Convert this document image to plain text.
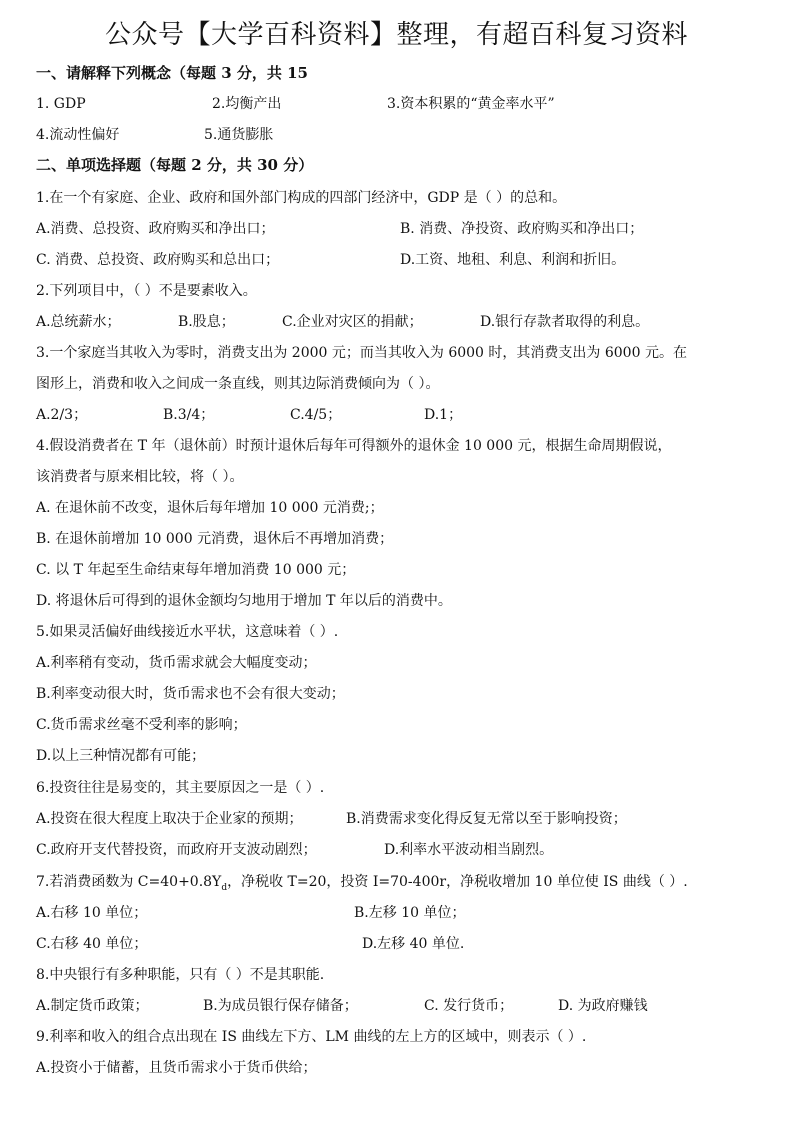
公众号【大学百科资料】整理，有超百科复习资料
一、请解释下列概念（每题 3 分，共 15
1. GDP	2.均衡产出	3.资本积累的“黄金率水平”
4.流动性偏好	5.通货膨胀
二、单项选择题（每题 2 分，共 30 分）
1.在一个有家庭、企业、政府和国外部门构成的四部门经济中，GDP 是（ ）的总和。
A.消费、总投资、政府购买和净出口；	B. 消费、净投资、政府购买和净出口；
C. 消费、总投资、政府购买和总出口；	D.工资、地租、利息、利润和折旧。
2.下列项目中，（ ）不是要素收入。
A.总统薪水；	B.股息；	C.企业对灾区的捐献；	D.银行存款者取得的利息。
3.一个家庭当其收入为零时，消费支出为 2000 元；而当其收入为 6000 时，其消费支出为 6000 元。在
图形上，消费和收入之间成一条直线，则其边际消费倾向为（ ）。
A.2/3；	B.3/4；	C.4/5；	D.1；
4.假设消费者在 T 年（退休前）时预计退休后每年可得额外的退休金 10 000 元，根据生命周期假说，
该消费者与原来相比较，将（ ）。
A. 在退休前不改变，退休后每年增加 10 000 元消费;；
B. 在退休前增加 10 000 元消费，退休后不再增加消费；
C. 以 T 年起至生命结束每年增加消费 10 000 元；
D. 将退休后可得到的退休金额均匀地用于增加 T 年以后的消费中。
5.如果灵活偏好曲线接近水平状，这意味着（ ）.
A.利率稍有变动，货币需求就会大幅度变动；
B.利率变动很大时，货币需求也不会有很大变动；
C.货币需求丝毫不受利率的影响；
D.以上三种情况都有可能；
6.投资往往是易变的，其主要原因之一是（ ）.
A.投资在很大程度上取决于企业家的预期；	B.消费需求变化得反复无常以至于影响投资；
C.政府开支代替投资，而政府开支波动剧烈；	D.利率水平波动相当剧烈。
7.若消费函数为 $C=40+0.8Y_d$，净税收 T=20，投资 I=70-400r，净税收增加 10 单位使 IS 曲线（ ）.
A.右移 10 单位；	B.左移 10 单位；
C.右移 40 单位；	D.左移 40 单位.
8.中央银行有多种职能，只有（ ）不是其职能.
A.制定货币政策；	B.为成员银行保存储备；	C. 发行货币；	D. 为政府赚钱
9.利率和收入的组合点出现在 IS 曲线左下方、LM 曲线的左上方的区域中，则表示（ ）.
A.投资小于储蓄，且货币需求小于货币供给；
